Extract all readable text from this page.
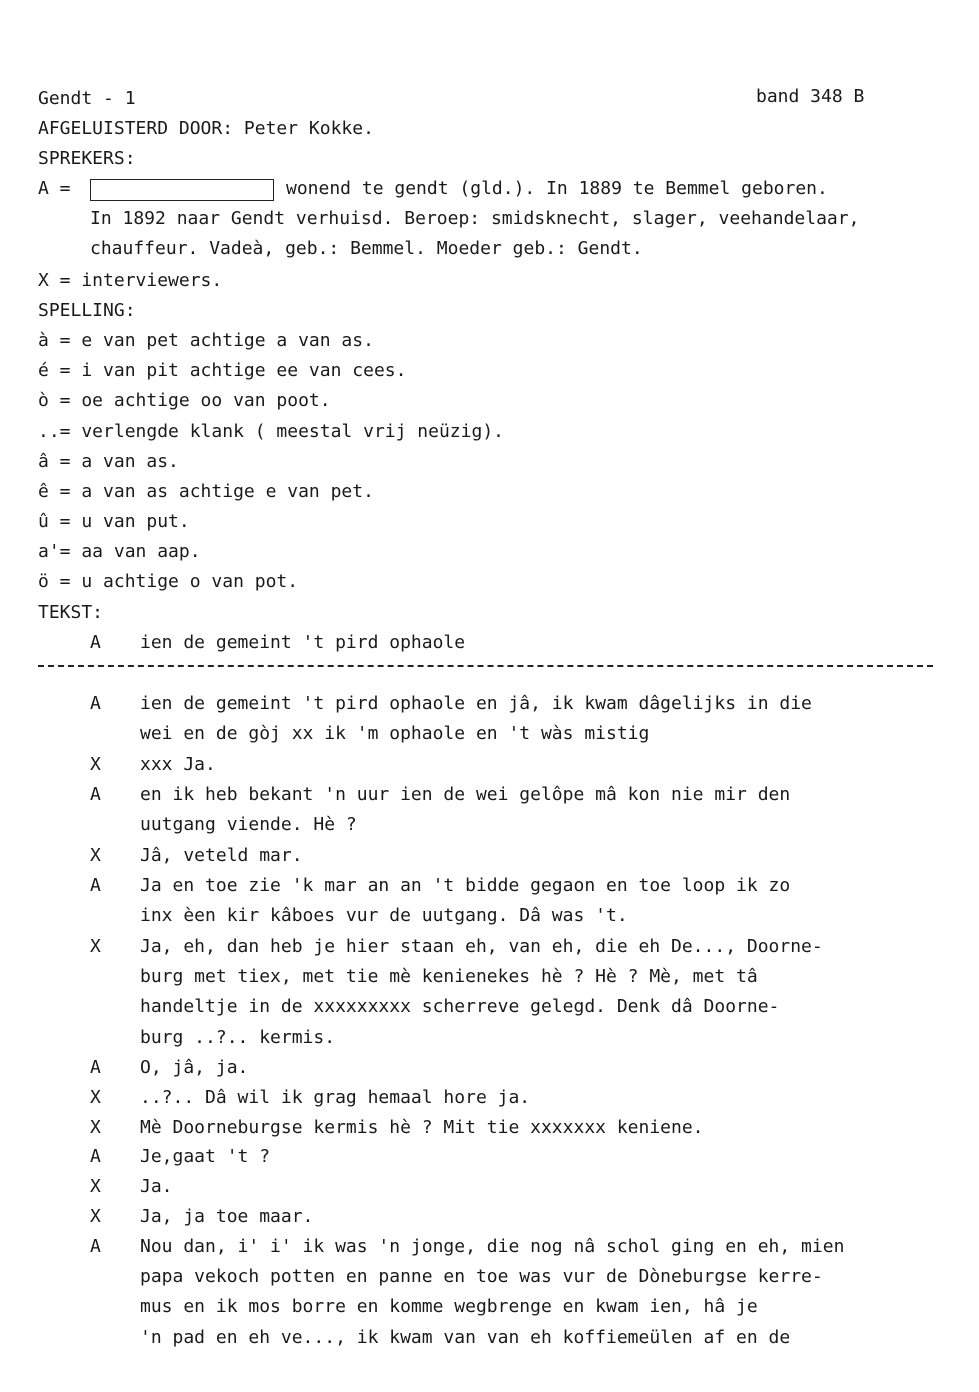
Gendt - 1	band 348 B
AFGELUISTERD DOOR: Peter Kokke.
SPREKERS:
A =	wonend te gendt (gld.). In 1889 te Bemmel geboren.
In 1892 naar Gendt verhuisd. Beroep: smidsknecht, slager, veehandelaar,
chauffeur. Vadeà, geb.: Bemmel. Moeder geb.: Gendt.
X = interviewers.
SPELLING:
à = e van pet achtige a van as.
é = i van pit achtige ee van cees.
ò = oe achtige oo van poot.
..= verlengde klank ( meestal vrij neüzig).
â = a van as.
ê = a van as achtige e van pet.
û = u van put.
a'= aa van aap.
ö = u achtige o van pot.
TEKST:
A ien de gemeint 't pird ophaole
A	ien de gemeint 't pird ophaole en jâ, ik kwam dâgelijks in die
wei en de gòj xx ik 'm ophaole en 't wàs mistig
X	xxx Ja.
A	en ik heb bekant 'n uur ien de wei gelôpe mâ kon nie mir den
uutgang viende. Hè ?
X	Jâ, veteld mar.
A	Ja en toe zie 'k mar an an 't bidde gegaon en toe loop ik zo
inx èen kir kâboes vur de uutgang. Dâ was 't.
X	Ja, eh, dan heb je hier staan eh, van eh, die eh De..., Doorne-
burg met tiex, met tie mè kenienekes hè ? Hè ? Mè, met tâ
handeltje in de xxxxxxxxx scherreve gelegd. Denk dâ Doorne-
burg ..?.. kermis.
A	O, jâ, ja.
X	..?.. Dâ wil ik grag hemaal hore ja.
X	Mè Doorneburgse kermis hè ? Mit tie xxxxxxx keniene.
A	Je,gaat 't ?
X	Ja.
X	Ja, ja toe maar.
A	Nou dan, i' i' ik was 'n jonge, die nog nâ schol ging en eh, mien
papa vekoch potten en panne en toe was vur de Dòneburgse kerre-
mus en ik mos borre en komme wegbrenge en kwam ien, hâ je
'n pad en eh ve..., ik kwam van van eh koffiemeülen af en de
